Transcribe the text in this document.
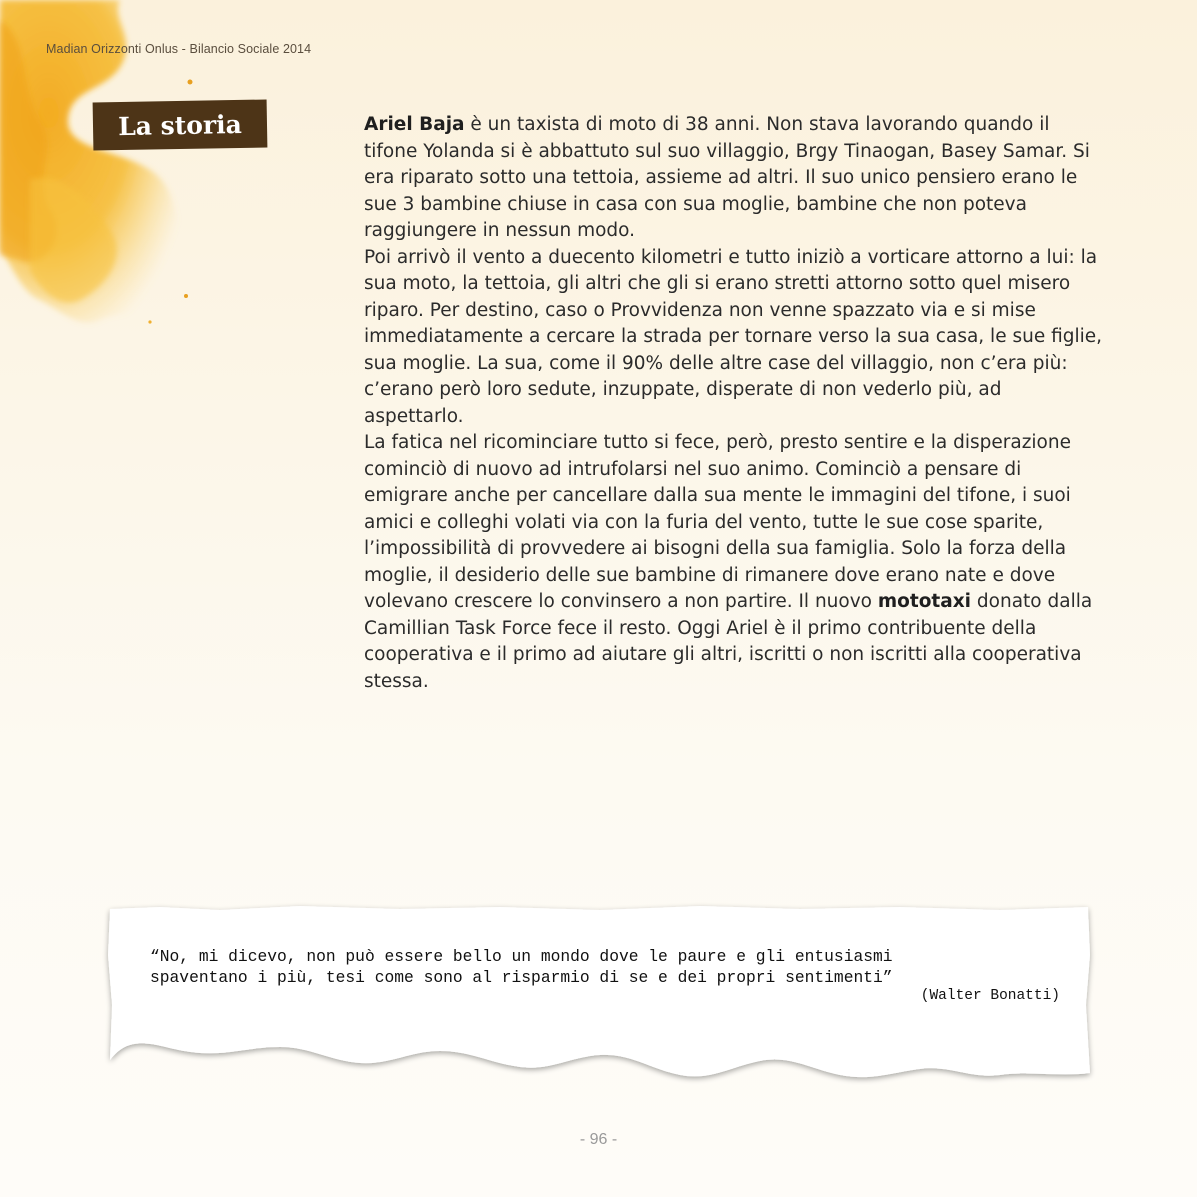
Madian Orizzonti Onlus - Bilancio Sociale 2014
La storia	Ariel Baja è un taxista di moto di 38 anni. Non stava lavorando quando il tifone Yolanda si è abbattuto sul suo villaggio, Brgy Tinaogan, Basey Samar. Si era riparato sotto una tettoia, assieme ad altri. Il suo unico pensiero erano le sue 3 bambine chiuse in casa con sua moglie, bambine che non poteva raggiungere in nessun modo.

Poi arrivò il vento a duecento kilometri e tutto iniziò a vorticare attorno a lui: la sua moto, la tettoia, gli altri che gli si erano stretti attorno sotto quel misero riparo. Per destino, caso o Provvidenza non venne spazzato via e si mise immediatamente a cercare la strada per tornare verso la sua casa, le sue figlie, sua moglie. La sua, come il 90% delle altre case del villaggio, non c’era più: c’erano però loro sedute, inzuppate, disperate di non vederlo più, ad aspettarlo.

La fatica nel ricominciare tutto si fece, però, presto sentire e la disperazione cominciò di nuovo ad intrufolarsi nel suo animo. Cominciò a pensare di emigrare anche per cancellare dalla sua mente le immagini del tifone, i suoi amici e colleghi volati via con la furia del vento, tutte le sue cose sparite, l’impossibilità di provvedere ai bisogni della sua famiglia. Solo la forza della moglie, il desiderio delle sue bambine di rimanere dove erano nate e dove volevano crescere lo convinsero a non partire. Il nuovo mototaxi donato dalla Camillian Task Force fece il resto. Oggi Ariel è il primo contribuente della cooperativa e il primo ad aiutare gli altri, iscritti o non iscritti alla cooperativa stessa.

“No, mi dicevo, non può essere bello un mondo dove le paure e gli entusiasmi
spaventano i più, tesi come sono al risparmio di se e dei propri sentimenti”
(Walter Bonatti)
- 96 -
